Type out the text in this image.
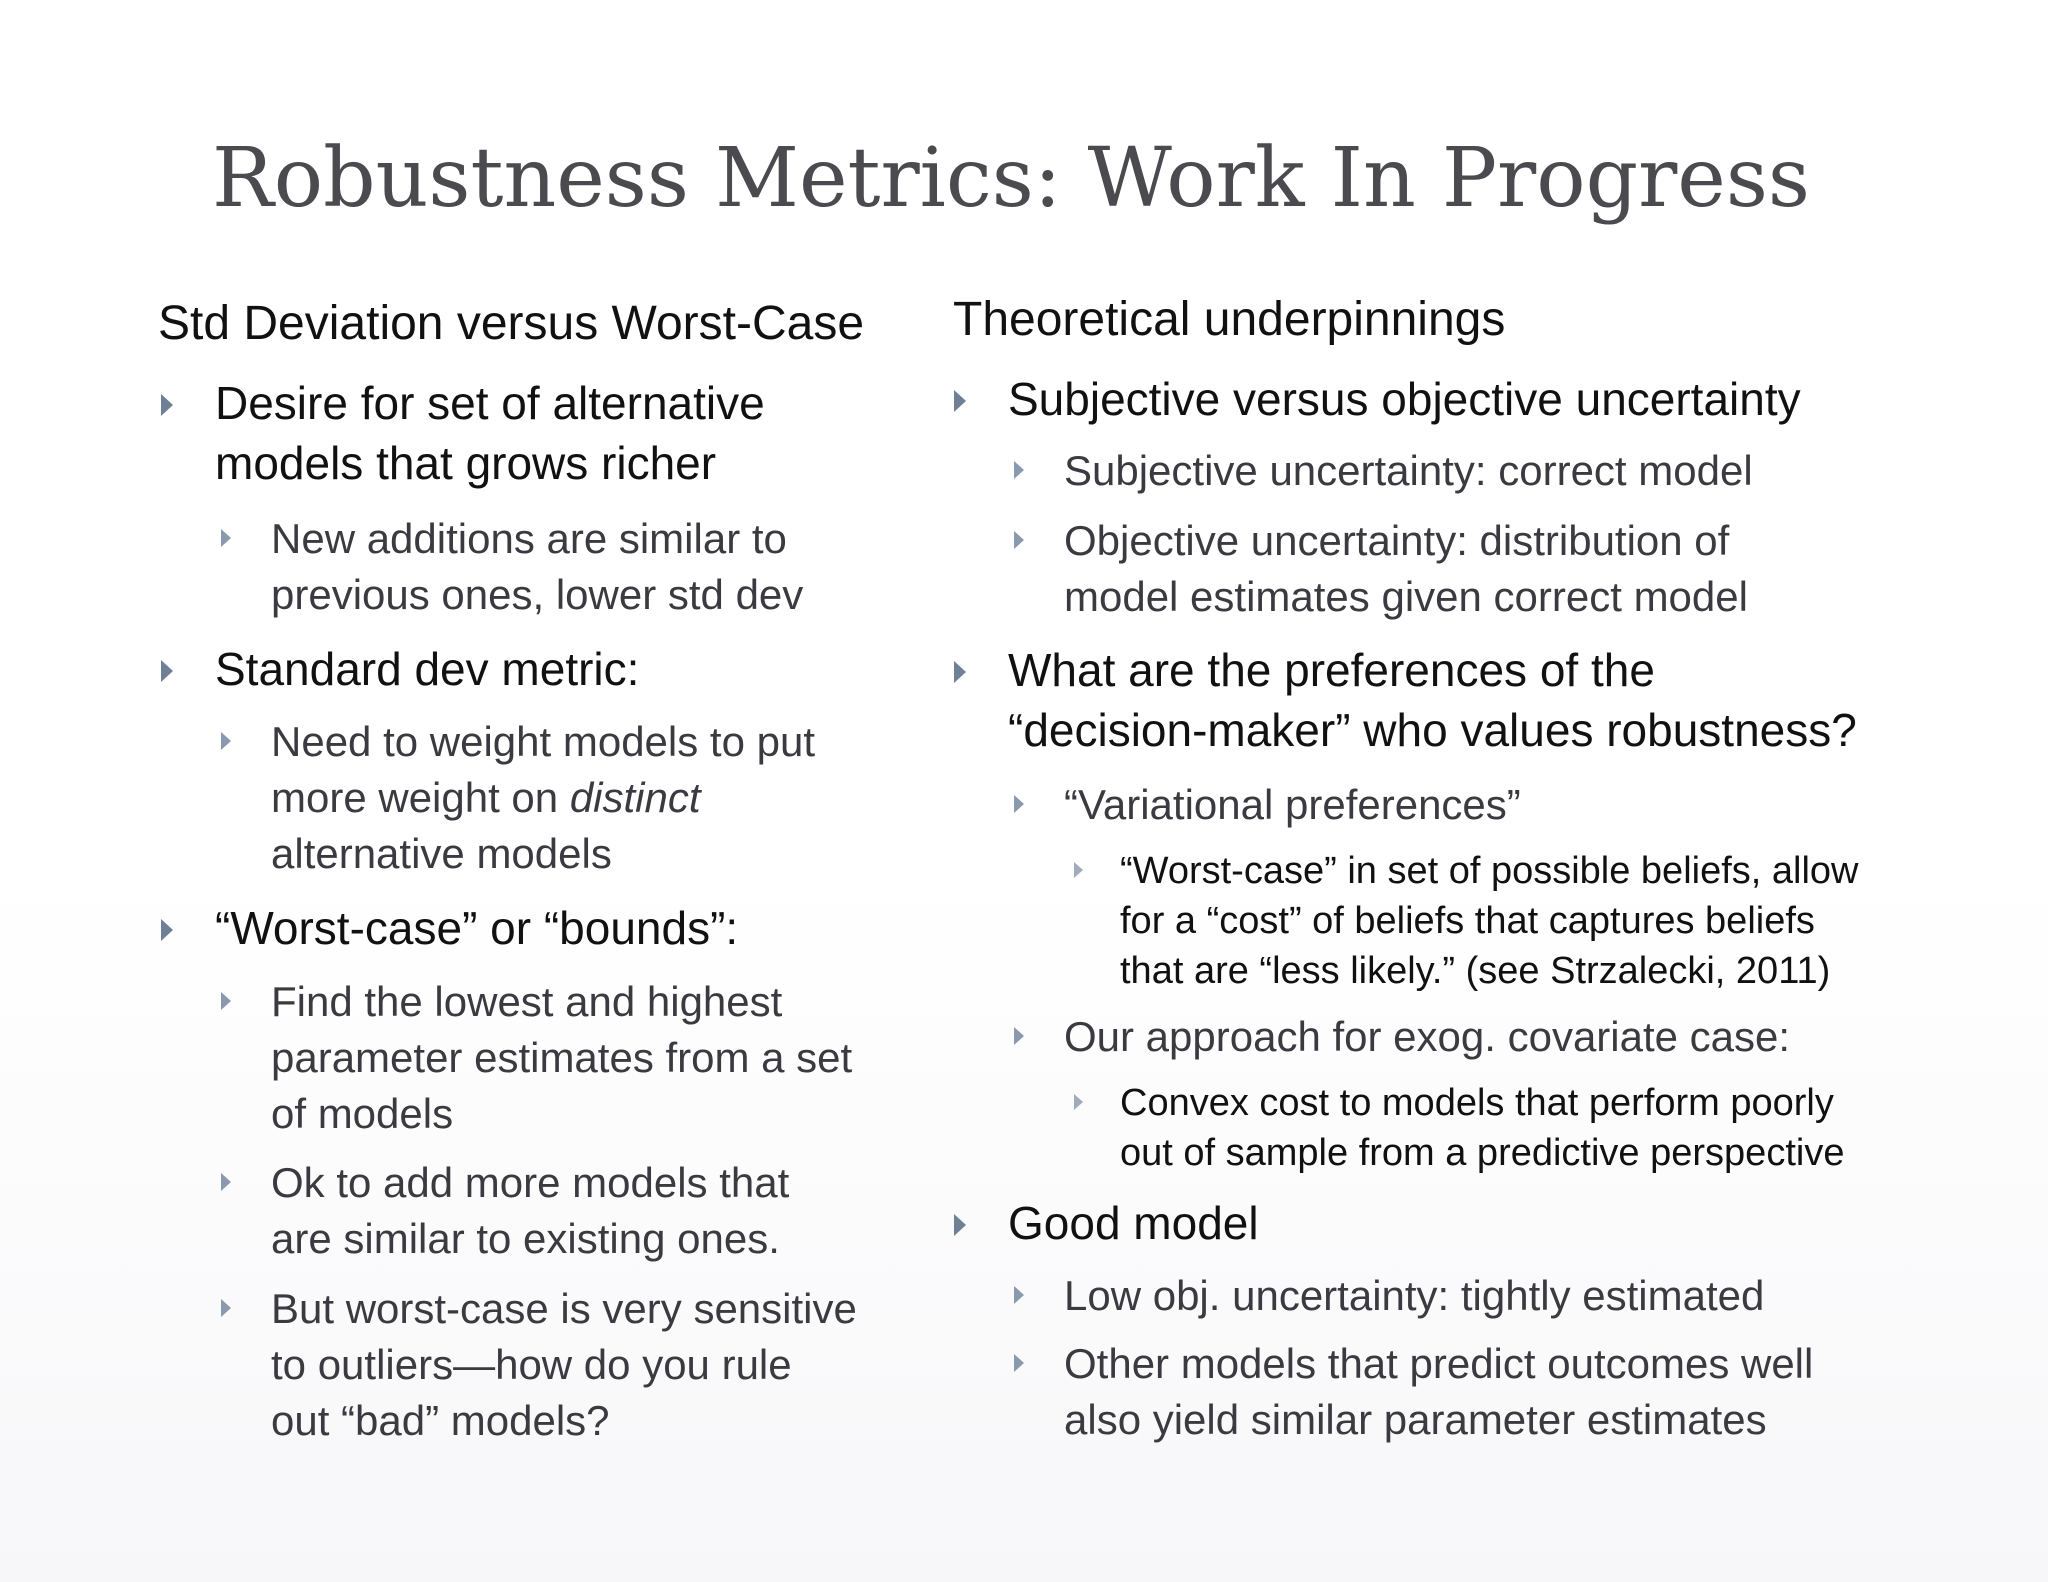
Robustness Metrics: Work In Progress
Std Deviation versus Worst-Case
Desire for set of alternative
models that grows richer
New additions are similar to
previous ones, lower std dev
Standard dev metric:
Need to weight models to put
more weight on distinct
alternative models
“Worst-case” or “bounds”:
Find the lowest and highest
parameter estimates from a set
of models
Ok to add more models that
are similar to existing ones.
But worst-case is very sensitive
to outliers—how do you rule
out “bad” models?
Theoretical underpinnings
Subjective versus objective uncertainty
Subjective uncertainty: correct model
Objective uncertainty: distribution of
model estimates given correct model
What are the preferences of the
“decision-maker” who values robustness?
“Variational preferences”
“Worst-case” in set of possible beliefs, allow
for a “cost” of beliefs that captures beliefs
that are “less likely.” (see Strzalecki, 2011)
Our approach for exog. covariate case:
Convex cost to models that perform poorly
out of sample from a predictive perspective
Good model
Low obj. uncertainty: tightly estimated
Other models that predict outcomes well
also yield similar parameter estimates
